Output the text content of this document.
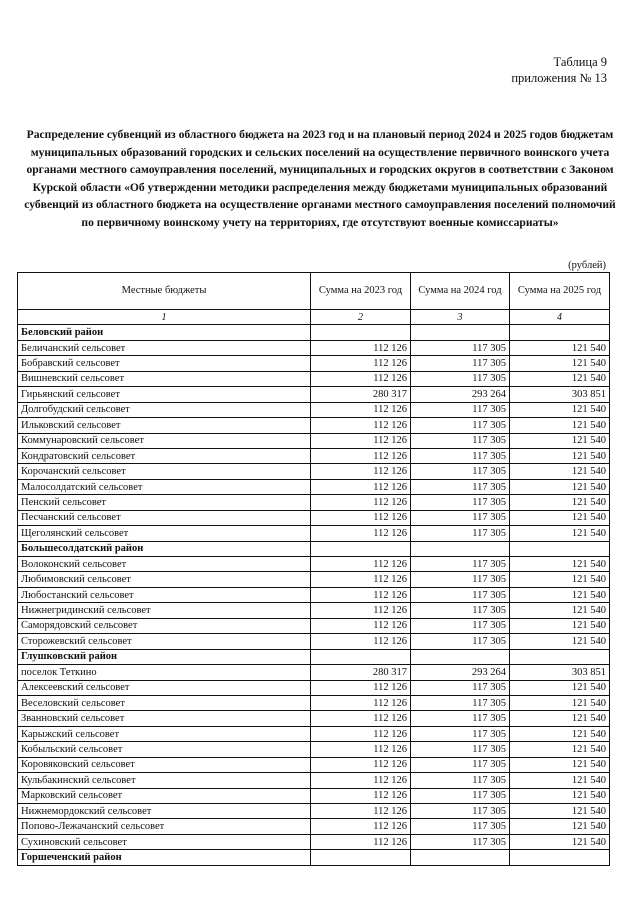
Таблица 9
приложения № 13
Распределение субвенций из областного бюджета на 2023 год и на плановый период 2024 и 2025 годов бюджетам муниципальных образований городских и сельских поселений на осуществление первичного воинского учета органами местного самоуправления поселений, муниципальных и городских округов в соответствии с Законом Курской области «Об утверждении методики распределения между бюджетами муниципальных образований субвенций из областного бюджета на осуществление органами местного самоуправления поселений полномочий по первичному воинскому учету на территориях, где отсутствуют военные комиссариаты»
(рублей)
Местные бюджеты	Сумма на 2023 год	Сумма на 2024 год	Сумма на 2025 год
1	2	3	4
Беловский район			
Беличанский сельсовет	112 126	117 305	121 540
Бобравский сельсовет	112 126	117 305	121 540
Вишневский сельсовет	112 126	117 305	121 540
Гирьянский сельсовет	280 317	293 264	303 851
Долгобудский сельсовет	112 126	117 305	121 540
Ильковский сельсовет	112 126	117 305	121 540
Коммунаровский сельсовет	112 126	117 305	121 540
Кондратовский сельсовет	112 126	117 305	121 540
Корочанский сельсовет	112 126	117 305	121 540
Малосолдатский сельсовет	112 126	117 305	121 540
Пенский сельсовет	112 126	117 305	121 540
Песчанский сельсовет	112 126	117 305	121 540
Щеголянский сельсовет	112 126	117 305	121 540
Большесолдатский район			
Волоконский сельсовет	112 126	117 305	121 540
Любимовский сельсовет	112 126	117 305	121 540
Любостанский сельсовет	112 126	117 305	121 540
Нижнегридинский сельсовет	112 126	117 305	121 540
Саморядовский сельсовет	112 126	117 305	121 540
Сторожевский сельсовет	112 126	117 305	121 540
Глушковский район			
поселок Теткино	280 317	293 264	303 851
Алексеевский сельсовет	112 126	117 305	121 540
Веселовский сельсовет	112 126	117 305	121 540
Званновский сельсовет	112 126	117 305	121 540
Карыжский сельсовет	112 126	117 305	121 540
Кобыльский сельсовет	112 126	117 305	121 540
Коровяковский сельсовет	112 126	117 305	121 540
Кульбакинский сельсовет	112 126	117 305	121 540
Марковский сельсовет	112 126	117 305	121 540
Нижнемордокский сельсовет	112 126	117 305	121 540
Попово-Лежачанский сельсовет	112 126	117 305	121 540
Сухиновский сельсовет	112 126	117 305	121 540
Горшеченский район			
